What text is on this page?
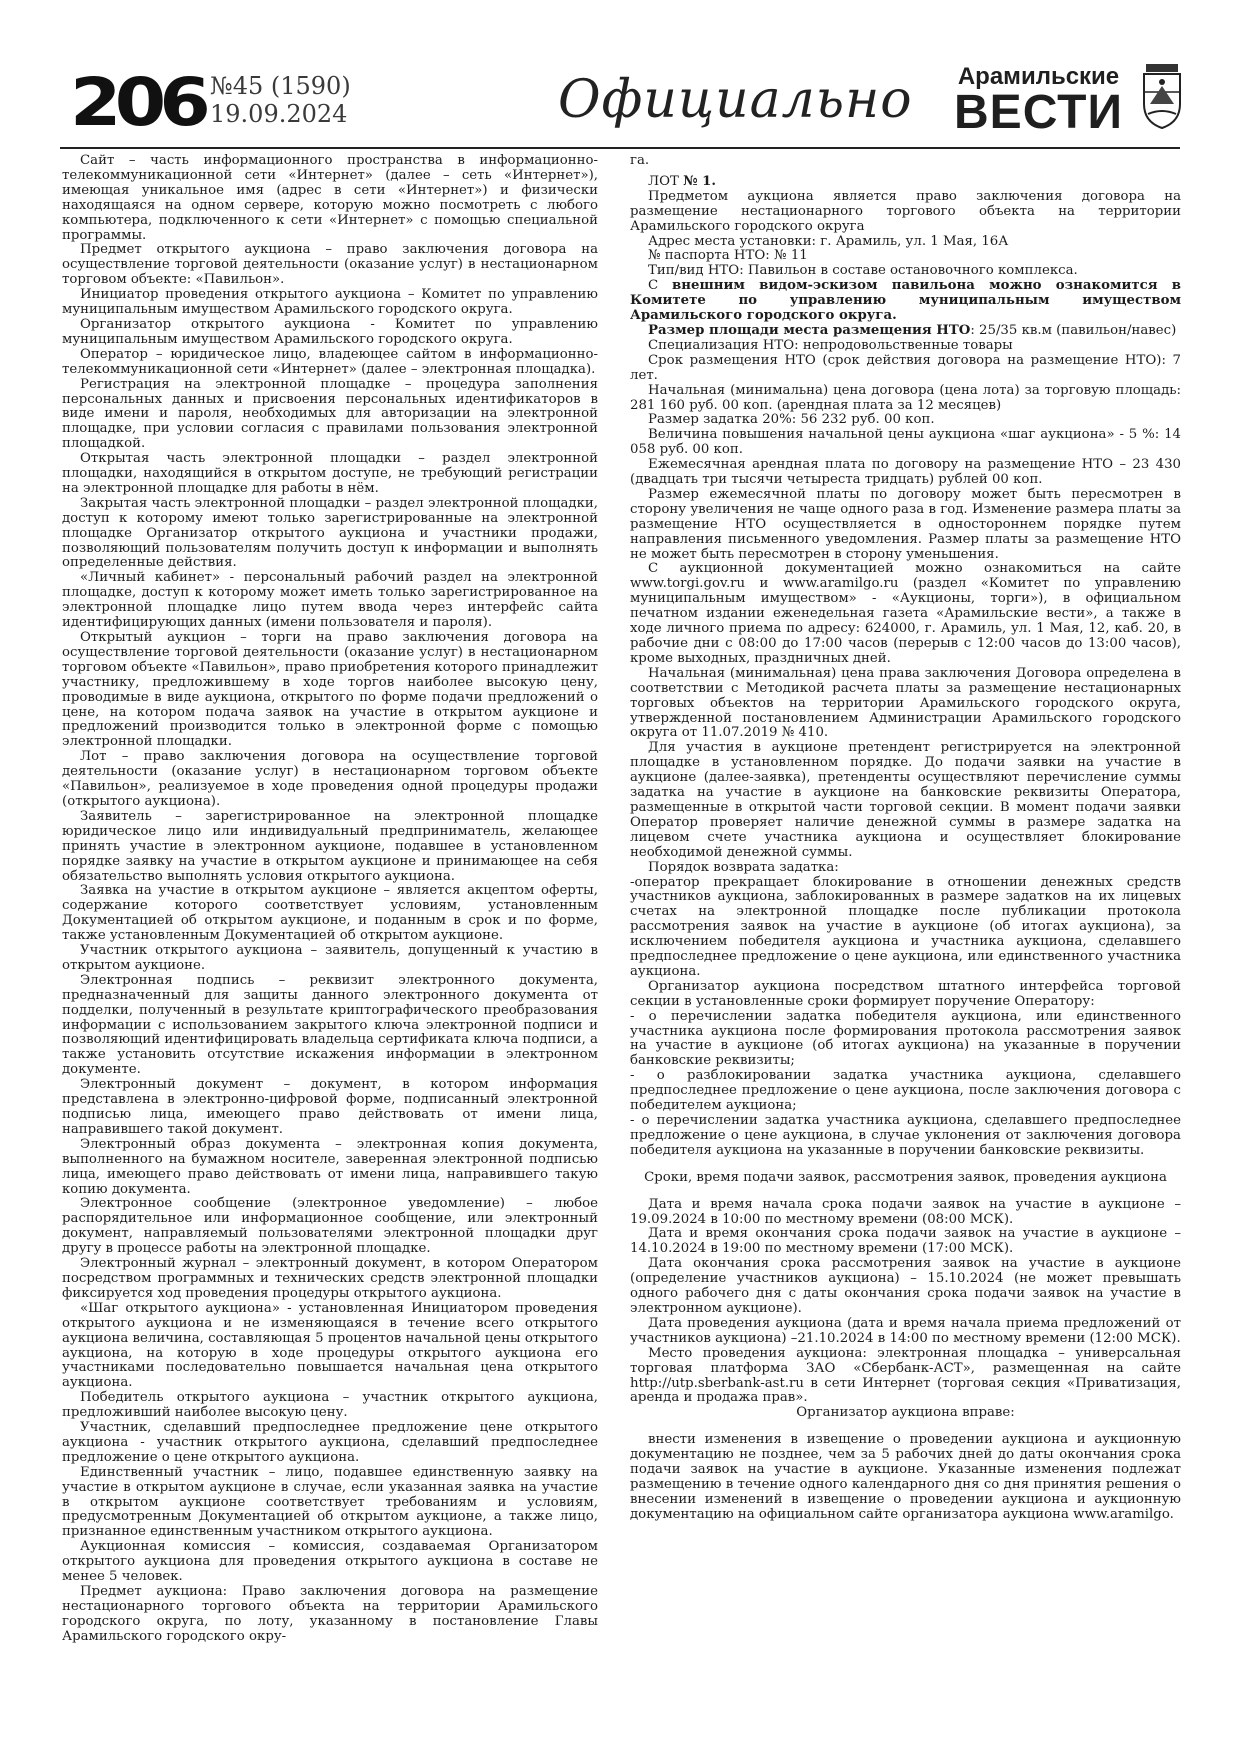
206 №45 (1590)
19.09.2024	Официально	Арамильские
ВЕСТИ

Сайт – часть информационного пространства в информационно-телекоммуникационной сети «Интернет» (далее – сеть «Интернет»), имеющая уникальное имя (адрес в сети «Интернет») и физически находящаяся на одном сервере, которую можно посмотреть с любого компьютера, подключенного к сети «Интернет» с помощью специальной программы.

Предмет открытого аукциона – право заключения договора на осуществление торговой деятельности (оказание услуг) в нестационарном торговом объекте: «Павильон».

Инициатор проведения открытого аукциона – Комитет по управлению муниципальным имуществом Арамильского городского округа.

Организатор открытого аукциона - Комитет по управлению муниципальным имуществом Арамильского городского округа.

Оператор – юридическое лицо, владеющее сайтом в информационно-телекоммуникационной сети «Интернет» (далее – электронная площадка).

Регистрация на электронной площадке – процедура заполнения персональных данных и присвоения персональных идентификаторов в виде имени и пароля, необходимых для авторизации на электронной площадке, при условии согласия с правилами пользования электронной площадкой.

Открытая часть электронной площадки – раздел электронной площадки, находящийся в открытом доступе, не требующий регистрации на электронной площадке для работы в нём.

Закрытая часть электронной площадки – раздел электронной площадки, доступ к которому имеют только зарегистрированные на электронной площадке Организатор открытого аукциона и участники продажи, позволяющий пользователям получить доступ к информации и выполнять определенные действия.

«Личный кабинет» - персональный рабочий раздел на электронной площадке, доступ к которому может иметь только зарегистрированное на электронной площадке лицо путем ввода через интерфейс сайта идентифицирующих данных (имени пользователя и пароля).

Открытый аукцион – торги на право заключения договора на осуществление торговой деятельности (оказание услуг) в нестационарном торговом объекте «Павильон», право приобретения которого принадлежит участнику, предложившему в ходе торгов наиболее высокую цену, проводимые в виде аукциона, открытого по форме подачи предложений о цене, на котором подача заявок на участие в открытом аукционе и предложений производится только в электронной форме с помощью электронной площадки.

Лот – право заключения договора на осуществление торговой деятельности (оказание услуг) в нестационарном торговом объекте «Павильон», реализуемое в ходе проведения одной процедуры продажи (открытого аукциона).

Заявитель – зарегистрированное на электронной площадке юридическое лицо или индивидуальный предприниматель, желающее принять участие в электронном аукционе, подавшее в установленном порядке заявку на участие в открытом аукционе и принимающее на себя обязательство выполнять условия открытого аукциона.

Заявка на участие в открытом аукционе – является акцептом оферты, содержание которого соответствует условиям, установленным Документацией об открытом аукционе, и поданным в срок и по форме, также установленным Документацией об открытом аукционе.

Участник открытого аукциона – заявитель, допущенный к участию в открытом аукционе.

Электронная подпись – реквизит электронного документа, предназначенный для защиты данного электронного документа от подделки, полученный в результате криптографического преобразования информации с использованием закрытого ключа электронной подписи и позволяющий идентифицировать владельца сертификата ключа подписи, а также установить отсутствие искажения информации в электронном документе.

Электронный документ – документ, в котором информация представлена в электронно-цифровой форме, подписанный электронной подписью лица, имеющего право действовать от имени лица, направившего такой документ.

Электронный образ документа – электронная копия документа, выполненного на бумажном носителе, заверенная электронной подписью лица, имеющего право действовать от имени лица, направившего такую копию документа.

Электронное сообщение (электронное уведомление) – любое распорядительное или информационное сообщение, или электронный документ, направляемый пользователями электронной площадки друг другу в процессе работы на электронной площадке.

Электронный журнал – электронный документ, в котором Оператором посредством программных и технических средств электронной площадки фиксируется ход проведения процедуры открытого аукциона.

«Шаг открытого аукциона» - установленная Инициатором проведения открытого аукциона и не изменяющаяся в течение всего открытого аукциона величина, составляющая 5 процентов начальной цены открытого аукциона, на которую в ходе процедуры открытого аукциона его участниками последовательно повышается начальная цена открытого аукциона.

Победитель открытого аукциона – участник открытого аукциона, предложивший наиболее высокую цену.

Участник, сделавший предпоследнее предложение цене открытого аукциона - участник открытого аукциона, сделавший предпоследнее предложение о цене открытого аукциона.

Единственный участник – лицо, подавшее единственную заявку на участие в открытом аукционе в случае, если указанная заявка на участие в открытом аукционе соответствует требованиям и условиям, предусмотренным Документацией об открытом аукционе, а также лицо, признанное единственным участником открытого аукциона.

Аукционная комиссия – комиссия, создаваемая Организатором открытого аукциона для проведения открытого аукциона в составе не менее 5 человек.

Предмет аукциона: Право заключения договора на размещение нестационарного торгового объекта на территории Арамильского городского округа, по лоту, указанному в постановление Главы Арамильского городского окру-

га.

ЛОТ № 1.

Предметом аукциона является право заключения договора на размещение нестационарного торгового объекта на территории Арамильского городского округа

Адрес места установки: г. Арамиль, ул. 1 Мая, 16А

№ паспорта НТО: № 11

Тип/вид НТО: Павильон в составе остановочного комплекса.

С внешним видом-эскизом павильона можно ознакомится в Комитете по управлению муниципальным имуществом Арамильского городского округа.

Размер площади места размещения НТО: 25/35 кв.м (павильон/навес)

Специализация НТО: непродовольственные товары

Срок размещения НТО (срок действия договора на размещение НТО): 7 лет.

Начальная (минимальна) цена договора (цена лота) за торговую площадь: 281 160 руб. 00 коп. (арендная плата за 12 месяцев)

Размер задатка 20%: 56 232 руб. 00 коп.

Величина повышения начальной цены аукциона «шаг аукциона» - 5 %: 14 058 руб. 00 коп.

Ежемесячная арендная плата по договору на размещение НТО – 23 430 (двадцать три тысячи четыреста тридцать) рублей 00 коп.

Размер ежемесячной платы по договору может быть пересмотрен в сторону увеличения не чаще одного раза в год. Изменение размера платы за размещение НТО осуществляется в одностороннем порядке путем направления письменного уведомления. Размер платы за размещение НТО не может быть пересмотрен в сторону уменьшения.

С аукционной документацией можно ознакомиться на сайте www.torgi.gov.ru и www.aramilgo.ru (раздел «Комитет по управлению муниципальным имуществом» - «Аукционы, торги»), в официальном печатном издании еженедельная газета «Арамильские вести», а также в ходе личного приема по адресу: 624000, г. Арамиль, ул. 1 Мая, 12, каб. 20, в рабочие дни с 08:00 до 17:00 часов (перерыв с 12:00 часов до 13:00 часов), кроме выходных, праздничных дней.

Начальная (минимальная) цена права заключения Договора определена в соответствии с Методикой расчета платы за размещение нестационарных торговых объектов на территории Арамильского городского округа, утвержденной постановлением Администрации Арамильского городского округа от 11.07.2019 № 410.

Для участия в аукционе претендент регистрируется на электронной площадке в установленном порядке. До подачи заявки на участие в аукционе (далее-заявка), претенденты осуществляют перечисление суммы задатка на участие в аукционе на банковские реквизиты Оператора, размещенные в открытой части торговой секции. В момент подачи заявки Оператор проверяет наличие денежной суммы в размере задатка на лицевом счете участника аукциона и осуществляет блокирование необходимой денежной суммы.

Порядок возврата задатка:

-оператор прекращает блокирование в отношении денежных средств участников аукциона, заблокированных в размере задатков на их лицевых счетах на электронной площадке после публикации протокола рассмотрения заявок на участие в аукционе (об итогах аукциона), за исключением победителя аукциона и участника аукциона, сделавшего предпоследнее предложение о цене аукциона, или единственного участника аукциона.

Организатор аукциона посредством штатного интерфейса торговой секции в установленные сроки формирует поручение Оператору:

- о перечислении задатка победителя аукциона, или единственного участника аукциона после формирования протокола рассмотрения заявок на участие в аукционе (об итогах аукциона) на указанные в поручении банковские реквизиты;

- о разблокировании задатка участника аукциона, сделавшего предпоследнее предложение о цене аукциона, после заключения договора с победителем аукциона;

- о перечислении задатка участника аукциона, сделавшего предпоследнее предложение о цене аукциона, в случае уклонения от заключения договора победителя аукциона на указанные в поручении банковские реквизиты.

Сроки, время подачи заявок, рассмотрения заявок, проведения аукциона

Дата и время начала срока подачи заявок на участие в аукционе – 19.09.2024 в 10:00 по местному времени (08:00 МСК).

Дата и время окончания срока подачи заявок на участие в аукционе – 14.10.2024 в 19:00 по местному времени (17:00 МСК).

Дата окончания срока рассмотрения заявок на участие в аукционе (определение участников аукциона) – 15.10.2024 (не может превышать одного рабочего дня с даты окончания срока подачи заявок на участие в электронном аукционе).

Дата проведения аукциона (дата и время начала приема предложений от участников аукциона) –21.10.2024 в 14:00 по местному времени (12:00 МСК).

Место проведения аукциона: электронная площадка – универсальная торговая платформа ЗАО «Сбербанк-АСТ», размещенная на сайте http://utp.sberbank-ast.ru в сети Интернет (торговая секция «Приватизация, аренда и продажа прав».

Организатор аукциона вправе:

внести изменения в извещение о проведении аукциона и аукционную документацию не позднее, чем за 5 рабочих дней до даты окончания срока подачи заявок на участие в аукционе. Указанные изменения подлежат размещению в течение одного календарного дня со дня принятия решения о внесении изменений в извещение о проведении аукциона и аукционную документацию на официальном сайте организатора аукциона www.aramilgo.
